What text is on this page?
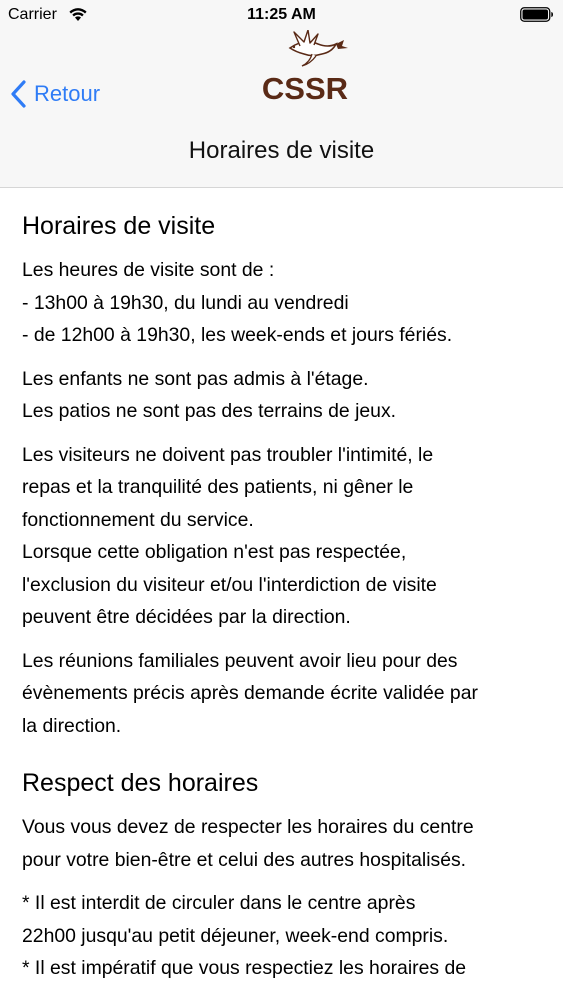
Carrier	11:25 AM
Retour	CSSR
Horaires de visite
Horaires de visite

Les heures de visite sont de :
- 13h00 à 19h30, du lundi au vendredi
- de 12h00 à 19h30, les week-ends et jours fériés.

Les enfants ne sont pas admis à l'étage.
Les patios ne sont pas des terrains de jeux.

Les visiteurs ne doivent pas troubler l'intimité, le
repas et la tranquilité des patients, ni gêner le
fonctionnement du service.
Lorsque cette obligation n'est pas respectée,
l'exclusion du visiteur et/ou l'interdiction de visite
peuvent être décidées par la direction.

Les réunions familiales peuvent avoir lieu pour des
évènements précis après demande écrite validée par
la direction.

Respect des horaires

Vous vous devez de respecter les horaires du centre
pour votre bien-être et celui des autres hospitalisés.

* Il est interdit de circuler dans le centre après
22h00 jusqu'au petit déjeuner, week-end compris.
* Il est impératif que vous respectiez les horaires de
